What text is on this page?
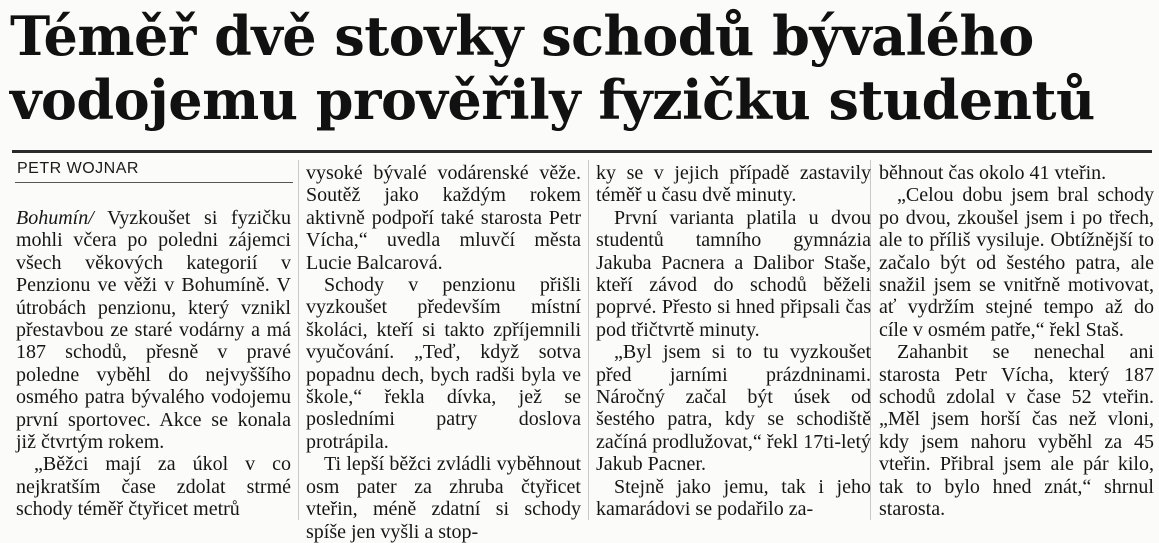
Téměř dvě stovky schodů bývalého vodojemu prověřily fyzičku studentů
PETR WOJNAR

Bohumín/ Vyzkoušet si fyzičku mohli včera po poledni zájemci všech věkových kategorií v Penzionu ve věži v Bohumíně. V útrobách penzionu, který vznikl přestavbou ze staré vodárny a má 187 schodů, přesně v pravé poledne vyběhl do nejvyššího osmého patra bývalého vodojemu první sportovec. Akce se konala již čtvrtým rokem.

„Běžci mají za úkol v co nejkratším čase zdolat strmé schody téměř čtyřicet metrů

vysoké bývalé vodárenské věže. Soutěž jako každým rokem aktivně podpoří také starosta Petr Vícha,“ uvedla mluvčí města Lucie Balcarová.

Schody v penzionu přišli vyzkoušet především místní školáci, kteří si takto zpříjemnili vyučování. „Teď, když sotva popadnu dech, bych radši byla ve škole,“ řekla dívka, jež se posledními patry doslova protrápila.

Ti lepší běžci zvládli vyběhnout osm pater za zhruba čtyřicet vteřin, méně zdatní si schody spíše jen vyšli a stop-

ky se v jejich případě zastavily téměř u času dvě minuty.

První varianta platila u dvou studentů tamního gymnázia Jakuba Pacnera a Dalibor Staše, kteří závod do schodů běželi poprvé. Přesto si hned připsali čas pod třičtvrtě minuty.

„Byl jsem si to tu vyzkoušet před jarními prázdninami. Náročný začal být úsek od šestého patra, kdy se schodiště začíná prodlužovat,“ řekl 17ti-letý Jakub Pacner.

Stejně jako jemu, tak i jeho kamarádovi se podařilo za-

běhnout čas okolo 41 vteřin.

„Celou dobu jsem bral schody po dvou, zkoušel jsem i po třech, ale to příliš vysiluje. Obtížnější to začalo být od šestého patra, ale snažil jsem se vnitřně motivovat, ať vydržím stejné tempo až do cíle v osmém patře,“ řekl Staš.

Zahanbit se nenechal ani starosta Petr Vícha, který 187 schodů zdolal v čase 52 vteřin. „Měl jsem horší čas než vloni, kdy jsem nahoru vyběhl za 45 vteřin. Přibral jsem ale pár kilo, tak to bylo hned znát,“ shrnul starosta.
